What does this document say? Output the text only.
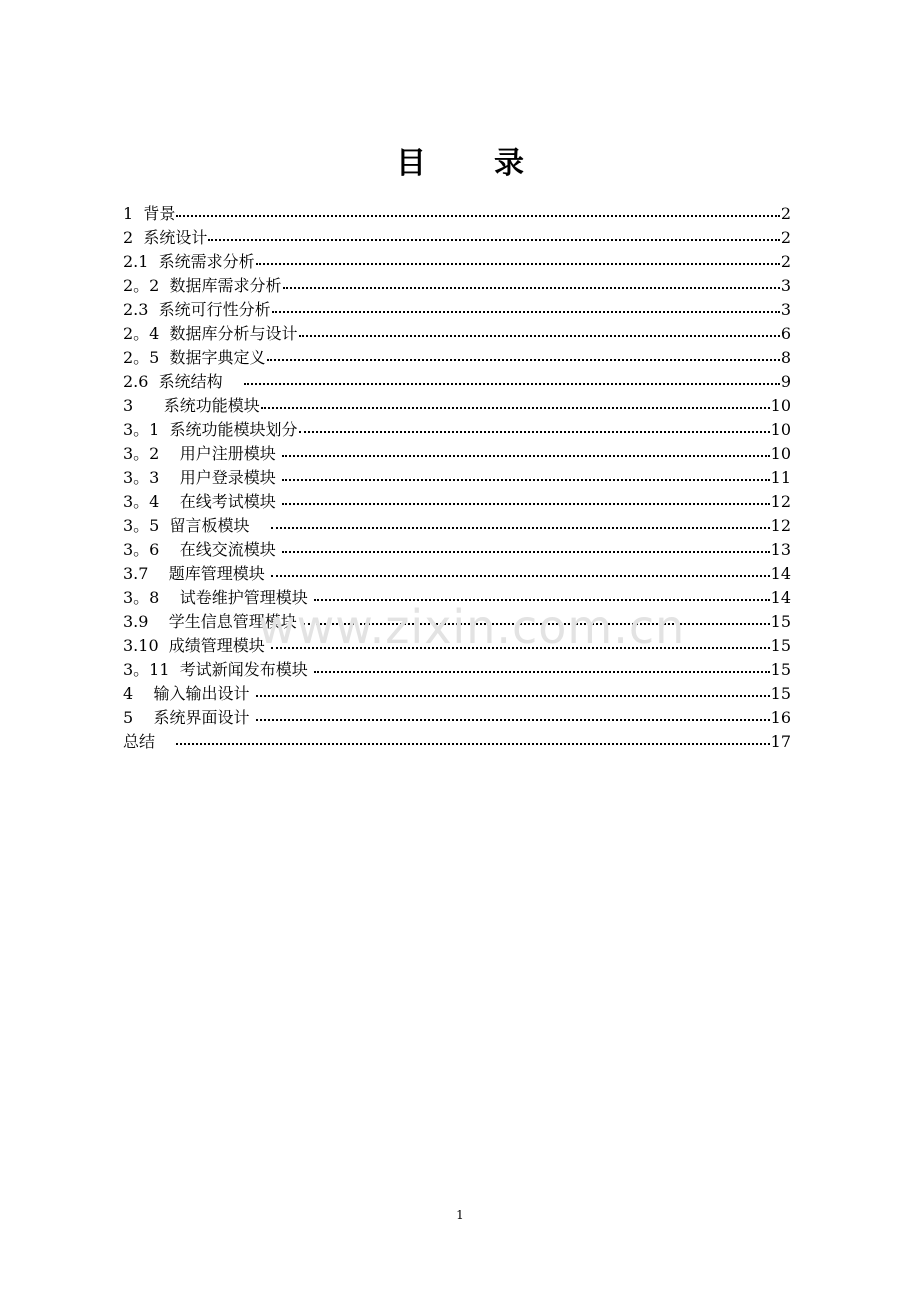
目 录
1  背景	2
2  系统设计	2
2.1  系统需求分析	2
2。2  数据库需求分析	3
2.3  系统可行性分析	3
2。4  数据库分析与设计	6
2。5  数据字典定义	8
2.6  系统结构	9
3      系统功能模块	10
3。1  系统功能模块划分	10
3。2    用户注册模块	10
3。3    用户登录模块	11
3。4    在线考试模块	12
3。5  留言板模块	12
3。6    在线交流模块	13
3.7    题库管理模块	14
3。8    试卷维护管理模块	14
3.9    学生信息管理模块	15
3.10  成绩管理模块	15
3。11  考试新闻发布模块	15
4    输入输出设计	15
5    系统界面设计	16
总结	17
www.zixin.com.cn
1
